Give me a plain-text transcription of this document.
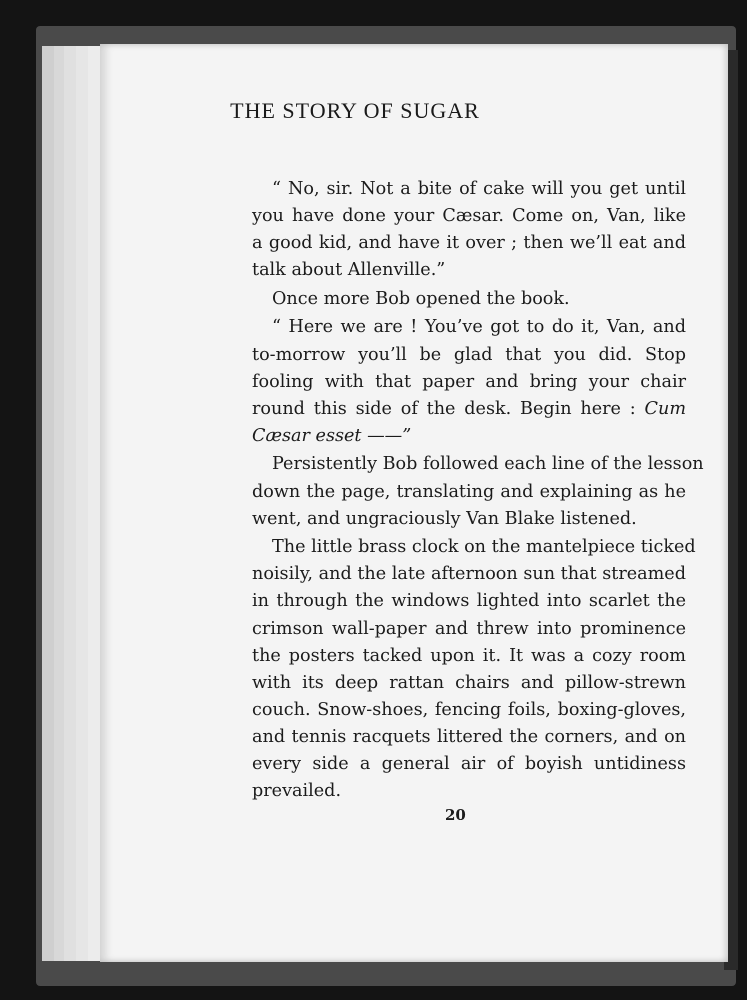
THE STORY OF SUGAR
“ No, sir. Not a bite of cake will you get until
you have done your Cæsar. Come on, Van, like
a good kid, and have it over ; then we’ll eat and
talk about Allenville.”
Once more Bob opened the book.
“ Here we are ! You’ve got to do it, Van, and
to-morrow you’ll be glad that you did. Stop
fooling with that paper and bring your chair
round this side of the desk. Begin here : Cum
Cæsar esset ——”
Persistently Bob followed each line of the lesson
down the page, translating and explaining as he
went, and ungraciously Van Blake listened.
The little brass clock on the mantelpiece ticked
noisily, and the late afternoon sun that streamed
in through the windows lighted into scarlet the
crimson wall-paper and threw into prominence
the posters tacked upon it. It was a cozy room
with its deep rattan chairs and pillow-strewn
couch. Snow-shoes, fencing foils, boxing-gloves,
and tennis racquets littered the corners, and on
every side a general air of boyish untidiness
prevailed.
20
